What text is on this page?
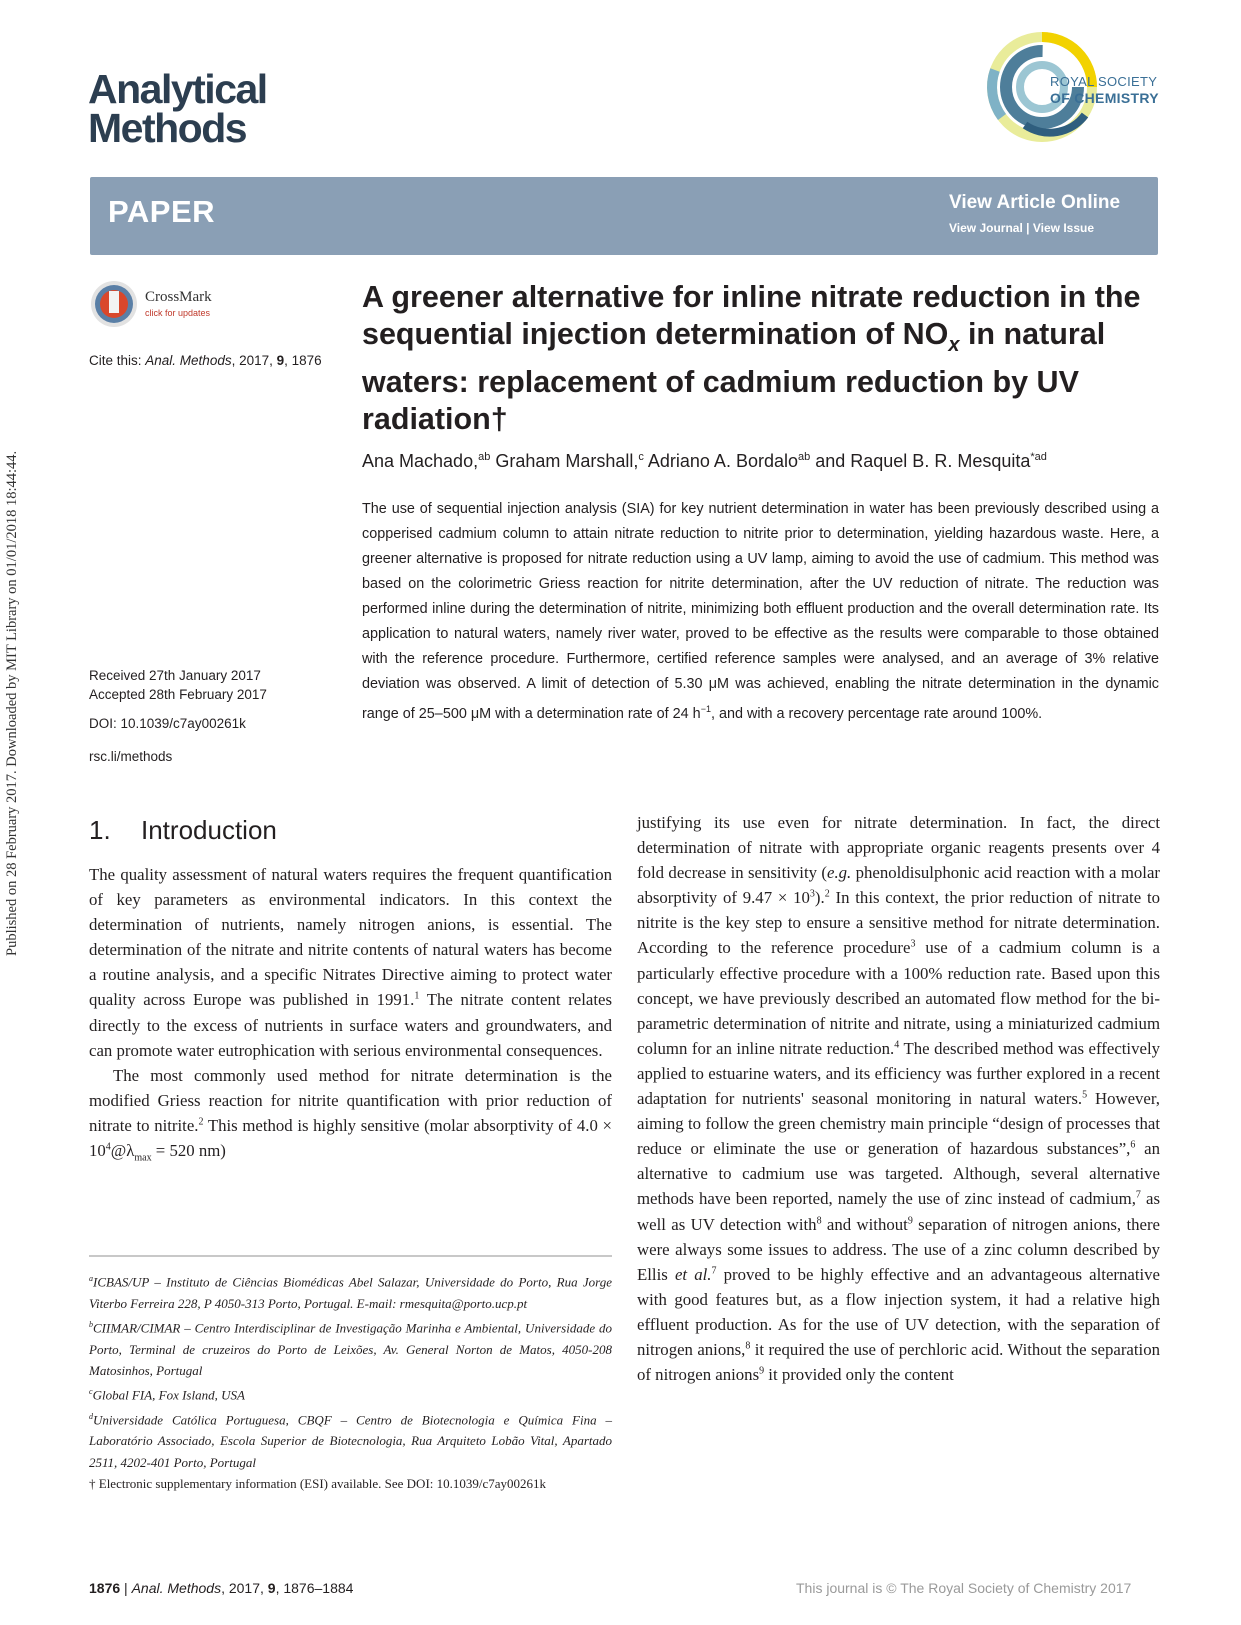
Analytical
Methods
ROYAL SOCIETY
OF CHEMISTRY
PAPER	View Article Online
View Journal | View Issue
Published on 28 February 2017. Downloaded by MIT Library on 01/01/2018 18:44:44.
CrossMark
click for updates
Cite this: Anal. Methods, 2017, 9, 1876
Received 27th January 2017
Accepted 28th February 2017
DOI: 10.1039/c7ay00261k
rsc.li/methods
A greener alternative for inline nitrate reduction in the sequential injection determination of $NO_x$ in natural waters: replacement of cadmium reduction by UV radiation†
Ana Machado,$^{ab}$ Graham Marshall,$^c$ Adriano A. Bordalo$^{ab}$ and Raquel B. R. Mesquita$^{*ad}$
The use of sequential injection analysis (SIA) for key nutrient determination in water has been previously described using a copperised cadmium column to attain nitrate reduction to nitrite prior to determination, yielding hazardous waste. Here, a greener alternative is proposed for nitrate reduction using a UV lamp, aiming to avoid the use of cadmium. This method was based on the colorimetric Griess reaction for nitrite determination, after the UV reduction of nitrate. The reduction was performed inline during the determination of nitrite, minimizing both effluent production and the overall determination rate. Its application to natural waters, namely river water, proved to be effective as the results were comparable to those obtained with the reference procedure. Furthermore, certified reference samples were analysed, and an average of 3% relative deviation was observed. A limit of detection of 5.30 μM was achieved, enabling the nitrate determination in the dynamic range of 25–500 μM with a determination rate of 24 $h^{-1}$, and with a recovery percentage rate around 100%.
1. Introduction

The quality assessment of natural waters requires the frequent quantification of key parameters as environmental indicators. In this context the determination of nutrients, namely nitrogen anions, is essential. The determination of the nitrate and nitrite contents of natural waters has become a routine analysis, and a specific Nitrates Directive aiming to protect water quality across Europe was published in 1991.$^1$ The nitrate content relates directly to the excess of nutrients in surface waters and groundwaters, and can promote water eutrophication with serious environmental consequences.

The most commonly used method for nitrate determination is the modified Griess reaction for nitrite quantification with prior reduction of nitrate to nitrite.$^2$ This method is highly sensitive (molar absorptivity of $4.0 \times 10^4@\lambda_{max} = 520$ nm)

$^a$ICBAS/UP – Instituto de Ciências Biomédicas Abel Salazar, Universidade do Porto, Rua Jorge Viterbo Ferreira 228, P 4050-313 Porto, Portugal. E-mail: rmesquita@porto.ucp.pt

$^b$CIIMAR/CIMAR – Centro Interdisciplinar de Investigação Marinha e Ambiental, Universidade do Porto, Terminal de cruzeiros do Porto de Leixões, Av. General Norton de Matos, 4050-208 Matosinhos, Portugal

$^c$Global FIA, Fox Island, USA

$^d$Universidade Católica Portuguesa, CBQF – Centro de Biotecnologia e Química Fina – Laboratório Associado, Escola Superior de Biotecnologia, Rua Arquiteto Lobão Vital, Apartado 2511, 4202-401 Porto, Portugal

† Electronic supplementary information (ESI) available. See DOI: 10.1039/c7ay00261k

justifying its use even for nitrate determination. In fact, the direct determination of nitrate with appropriate organic reagents presents over 4 fold decrease in sensitivity (e.g. phenoldisulphonic acid reaction with a molar absorptivity of 9.47 × 10$^3$).$^2$ In this context, the prior reduction of nitrate to nitrite is the key step to ensure a sensitive method for nitrate determination. According to the reference procedure$^3$ use of a cadmium column is a particularly effective procedure with a 100% reduction rate. Based upon this concept, we have previously described an automated flow method for the bi-parametric determination of nitrite and nitrate, using a miniaturized cadmium column for an inline nitrate reduction.$^4$ The described method was effectively applied to estuarine waters, and its efficiency was further explored in a recent adaptation for nutrients' seasonal monitoring in natural waters.$^5$ However, aiming to follow the green chemistry main principle “design of processes that reduce or eliminate the use or generation of hazardous substances”,$^6$ an alternative to cadmium use was targeted. Although, several alternative methods have been reported, namely the use of zinc instead of cadmium,$^7$ as well as UV detection with$^8$ and without$^9$ separation of nitrogen anions, there were always some issues to address. The use of a zinc column described by Ellis et al.$^7$ proved to be highly effective and an advantageous alternative with good features but, as a flow injection system, it had a relative high effluent production. As for the use of UV detection, with the separation of nitrogen anions,$^8$ it required the use of perchloric acid. Without the separation of nitrogen anions$^9$ it provided only the content

1876 | Anal. Methods, 2017, 9, 1876–1884	This journal is © The Royal Society of Chemistry 2017
